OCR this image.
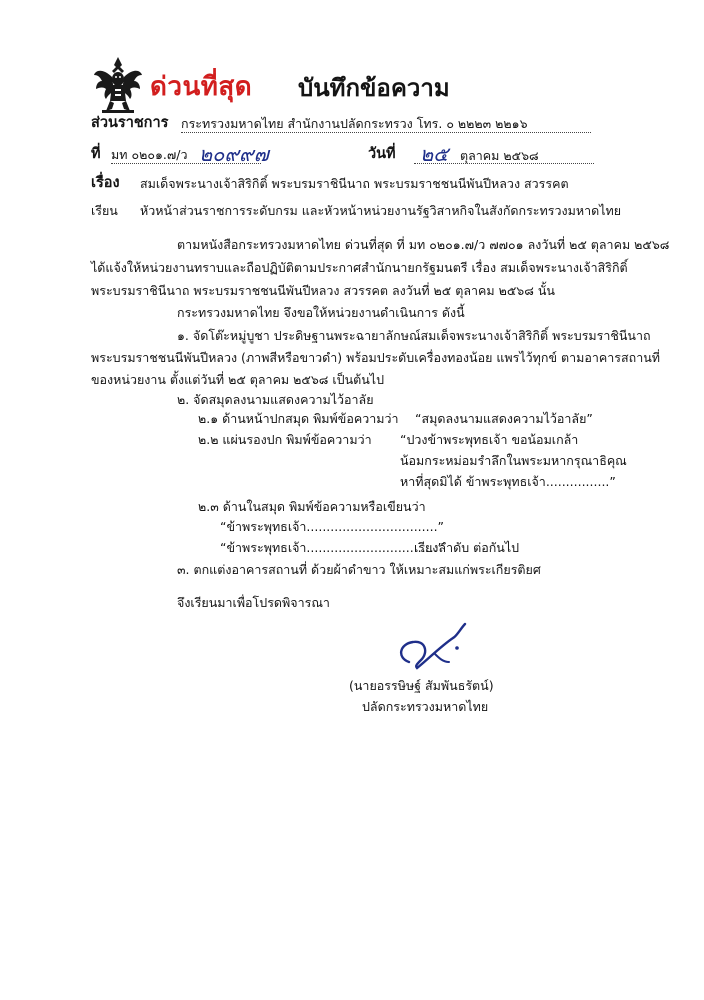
ด่วนที่สุด บันทึกข้อความ
ส่วนราชการ กระทรวงมหาดไทย สำนักงานปลัดกระทรวง โทร. ๐ ๒๒๒๓ ๒๒๑๖
ที่ มท ๐๒๐๑.๗/ว ๒๐๙๙๗	วันที่ ๒๕ ตุลาคม ๒๕๖๘
เรื่อง สมเด็จพระนางเจ้าสิริกิติ์ พระบรมราชินีนาถ พระบรมราชชนนีพันปีหลวง สวรรคต
เรียน หัวหน้าส่วนราชการระดับกรม และหัวหน้าหน่วยงานรัฐวิสาหกิจในสังกัดกระทรวงมหาดไทย
ตามหนังสือกระทรวงมหาดไทย ด่วนที่สุด ที่ มท ๐๒๐๑.๗/ว ๗๗๐๑ ลงวันที่ ๒๕ ตุลาคม ๒๕๖๘
ได้แจ้งให้หน่วยงานทราบและถือปฏิบัติตามประกาศสำนักนายกรัฐมนตรี เรื่อง สมเด็จพระนางเจ้าสิริกิติ์
พระบรมราชินีนาถ พระบรมราชชนนีพันปีหลวง สวรรคต ลงวันที่ ๒๕ ตุลาคม ๒๕๖๘ นั้น
กระทรวงมหาดไทย จึงขอให้หน่วยงานดำเนินการ ดังนี้
๑. จัดโต๊ะหมู่บูชา ประดิษฐานพระฉายาลักษณ์สมเด็จพระนางเจ้าสิริกิติ์ พระบรมราชินีนาถ
พระบรมราชชนนีพันปีหลวง (ภาพสีหรือขาวดำ) พร้อมประดับเครื่องทองน้อย แพรไว้ทุกข์ ตามอาคารสถานที่
ของหน่วยงาน ตั้งแต่วันที่ ๒๕ ตุลาคม ๒๕๖๘ เป็นต้นไป
๒. จัดสมุดลงนามแสดงความไว้อาลัย
๒.๑ ด้านหน้าปกสมุด พิมพ์ข้อความว่า “สมุดลงนามแสดงความไว้อาลัย”
๒.๒ แผ่นรองปก พิมพ์ข้อความว่า “ปวงข้าพระพุทธเจ้า ขอน้อมเกล้า
น้อมกระหม่อมรำลึกในพระมหากรุณาธิคุณ
หาที่สุดมิได้ ข้าพระพุทธเจ้า................”
๒.๓ ด้านในสมุด พิมพ์ข้อความหรือเขียนว่า
“ข้าพระพุทธเจ้า.................................”
“ข้าพระพุทธเจ้า.................................”
เรียงลำดับ ต่อกันไป
๓. ตกแต่งอาคารสถานที่ ด้วยผ้าดำขาว ให้เหมาะสมแก่พระเกียรติยศ
จึงเรียนมาเพื่อโปรดพิจารณา
(นายอรรษิษฐ์ สัมพันธรัตน์)
ปลัดกระทรวงมหาดไทย
